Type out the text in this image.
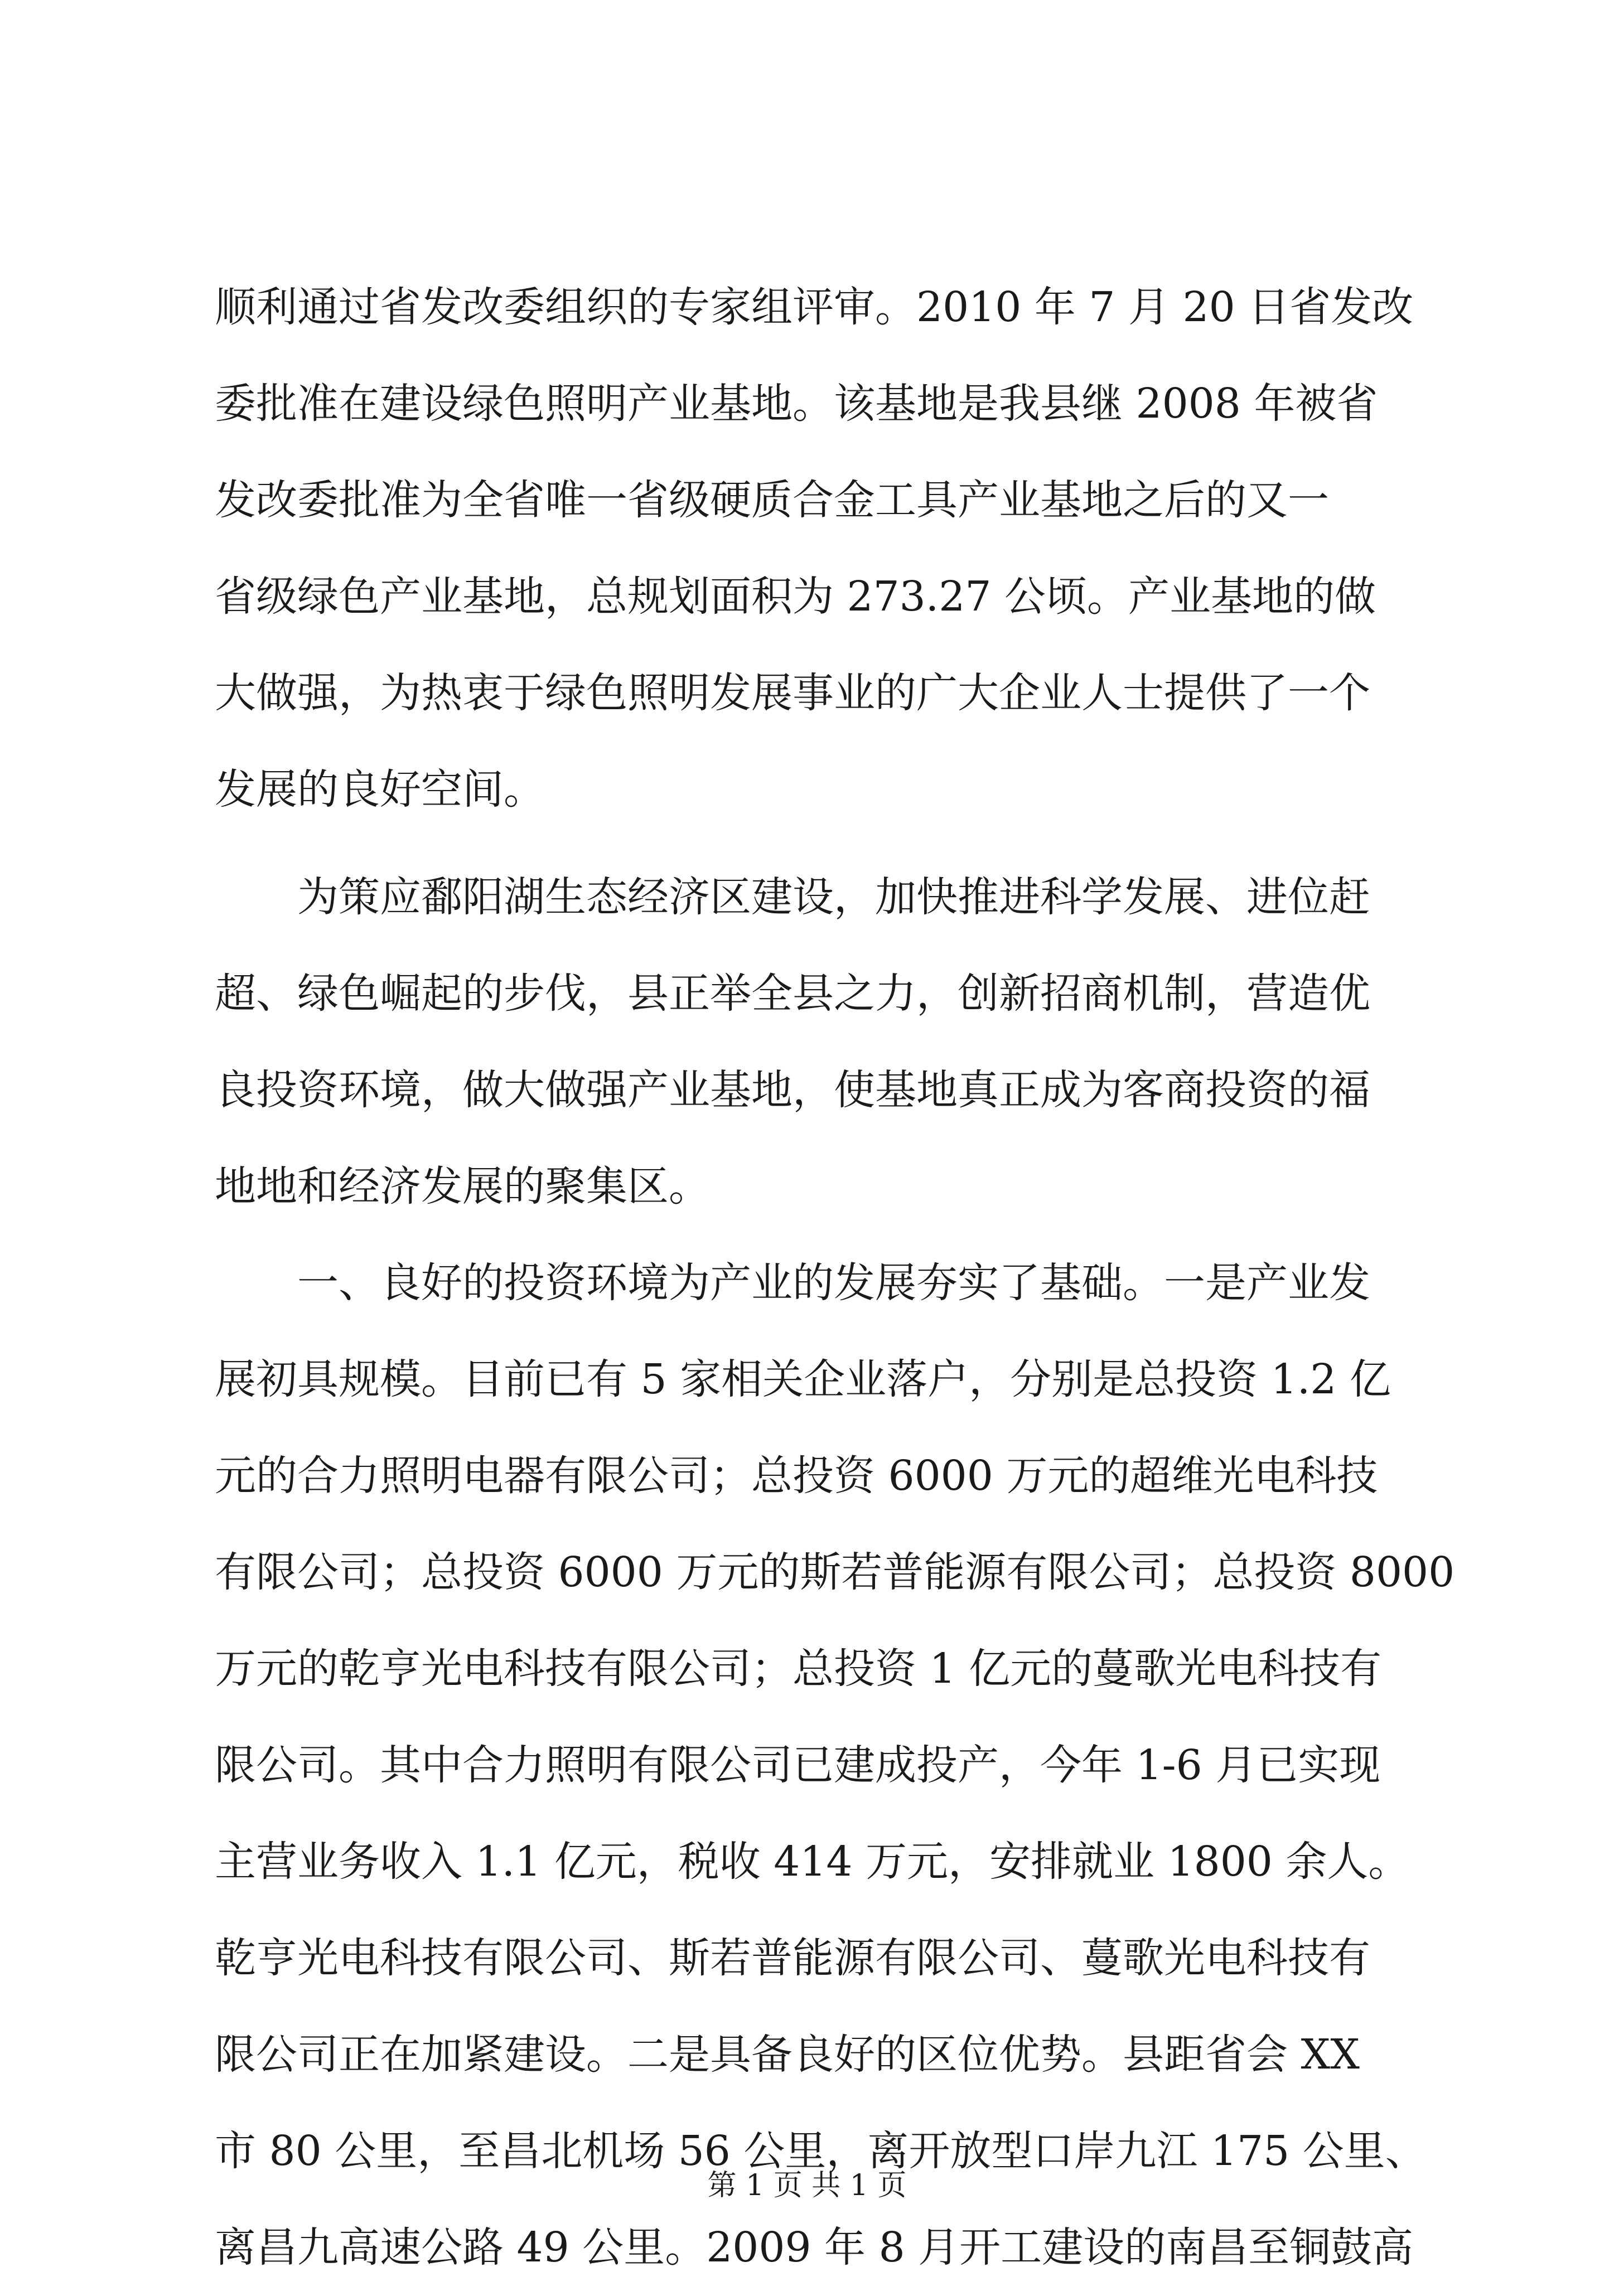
顺利通过省发改委组织的专家组评审。2010 年 7 月 20 日省发改
委批准在建设绿色照明产业基地。该基地是我县继 2008 年被省
发改委批准为全省唯一省级硬质合金工具产业基地之后的又一
省级绿色产业基地，总规划面积为 273.27 公顷。产业基地的做
大做强，为热衷于绿色照明发展事业的广大企业人士提供了一个
发展的良好空间。
为策应鄱阳湖生态经济区建设，加快推进科学发展、进位赶
超、绿色崛起的步伐，县正举全县之力，创新招商机制，营造优
良投资环境，做大做强产业基地，使基地真正成为客商投资的福
地地和经济发展的聚集区。
一、良好的投资环境为产业的发展夯实了基础。一是产业发
展初具规模。目前已有 5 家相关企业落户，分别是总投资 1.2 亿
元的合力照明电器有限公司；总投资 6000 万元的超维光电科技
有限公司；总投资 6000 万元的斯若普能源有限公司；总投资 8000
万元的乾亨光电科技有限公司；总投资 1 亿元的蔓歌光电科技有
限公司。其中合力照明有限公司已建成投产，今年 1-6 月已实现
主营业务收入 1.1 亿元，税收 414 万元，安排就业 1800 余人。
乾亨光电科技有限公司、斯若普能源有限公司、蔓歌光电科技有
限公司正在加紧建设。二是具备良好的区位优势。县距省会 XX
市 80 公里，至昌北机场 56 公里，离开放型口岸九江 175 公里、
离昌九高速公路 49 公里。2009 年 8 月开工建设的南昌至铜鼓高
第 1 页 共 1 页
